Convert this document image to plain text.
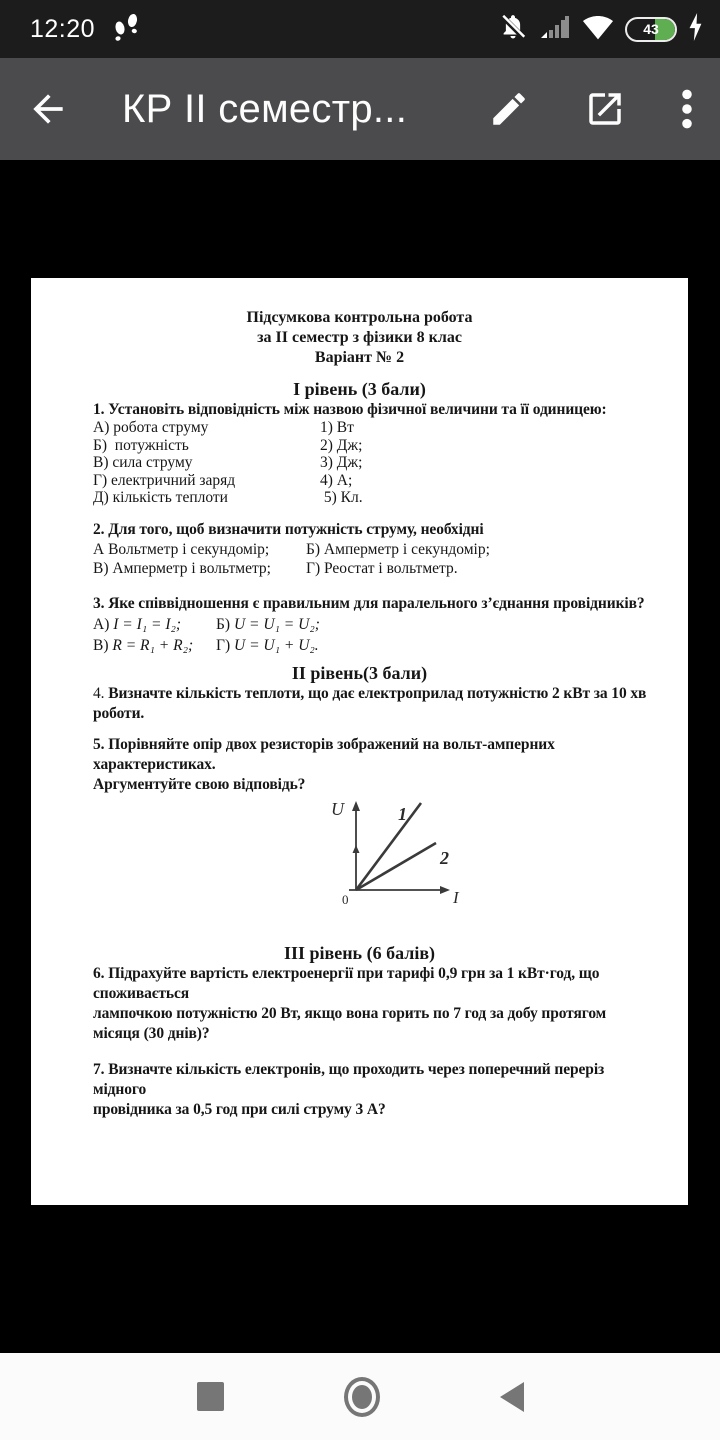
12:20	43
КР ІІ семестр...
Підсумкова контрольна робота
за ІІ семестр з фізики 8 клас
Варіант № 2
І рівень (3 бали)
1. Установіть відповідність між назвою фізичної величини та її одиницею:
А) робота струму	1) Вт
Б)  потужність	2) Дж;
В) сила струму	3) Дж;
Г) електричний заряд	4) А;
Д) кількість теплоти	5) Кл.
2. Для того, щоб визначити потужність струму, необхідні
А Вольтметр і секундомір;	Б) Амперметр і секундомір;
В) Амперметр і вольтметр;	Г) Реостат і вольтметр.
3. Яке співвідношення є правильним для паралельного з’єднання провідників?
А) I = I₁ = I₂;	Б) U = U₁ = U₂;
В) R = R₁ + R₂;	Г) U = U₁ + U₂.
ІІ рівень(3 бали)
4. Визначте кількість теплоти, що дає електроприлад потужністю 2 кВт за 10 хв роботи.
5. Порівняйте опір двох резисторів зображений на вольт-амперних характеристиках.
Аргументуйте свою відповідь?
U
I
0
1
2
ІІІ рівень (6 балів)
6. Підрахуйте вартість електроенергії при тарифі 0,9 грн за 1 кВт·год, що споживається
лампочкою потужністю 20 Вт, якщо вона горить по 7 год за добу протягом місяця (30 днів)?
7. Визначте кількість електронів, що проходить через поперечний переріз мідного
провідника за 0,5 год при силі струму 3 А?
